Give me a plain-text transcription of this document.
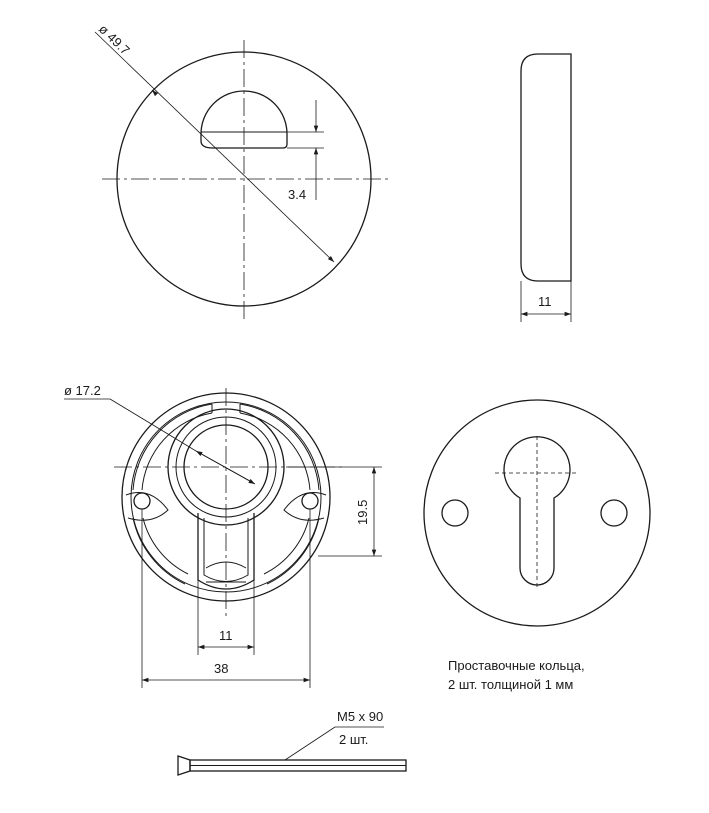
ø 49.7
3.4
11
ø 17.2
19.5
11
38
M5 x 90
2 шт.
Проставочные кольца,
2 шт. толщиной 1 мм
